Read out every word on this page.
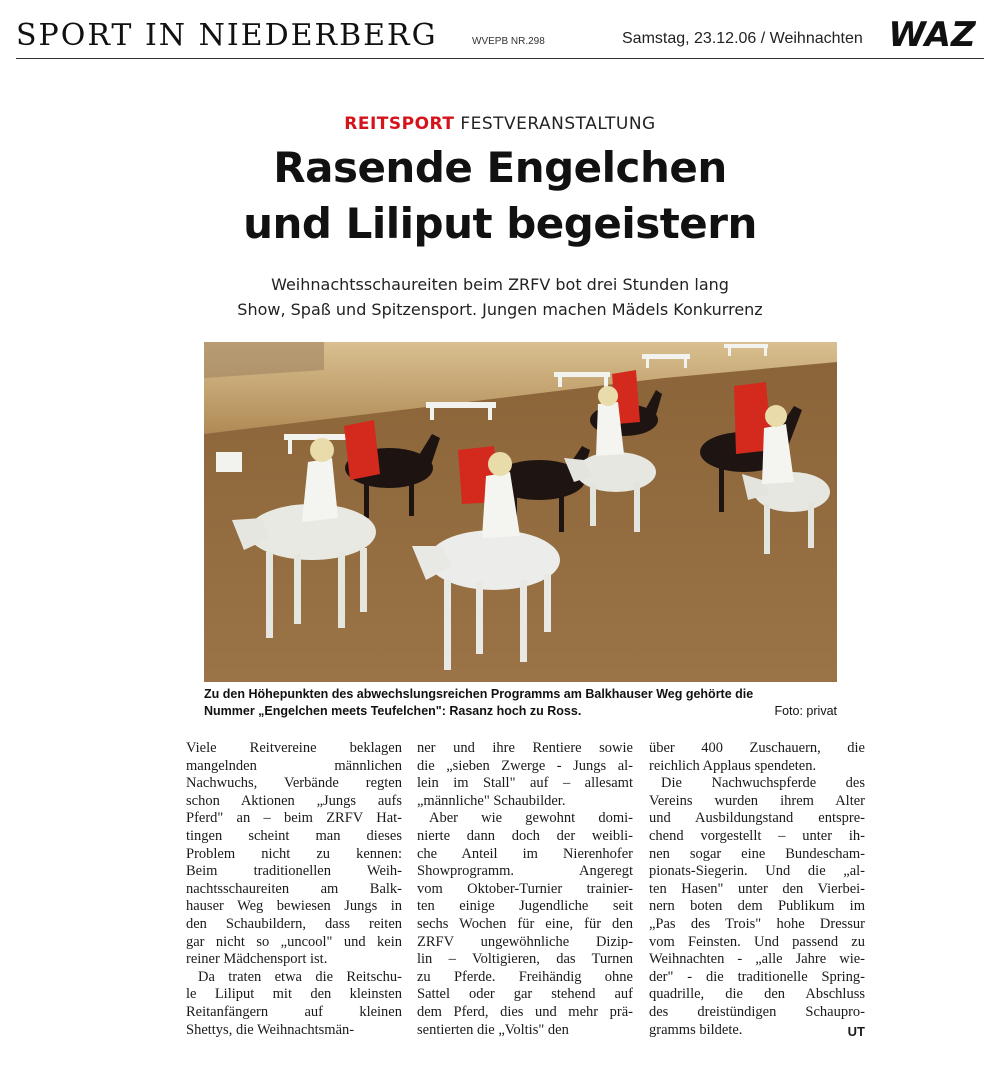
SPORT IN NIEDERBERG	WVEPB NR.298	Samstag, 23.12.06 / Weihnachten WAZ
REITSPORT FESTVERANSTALTUNG
Rasende Engelchen
und Liliput begeistern
Weihnachtsschaureiten beim ZRFV bot drei Stunden lang
Show, Spaß und Spitzensport. Jungen machen Mädels Konkurrenz
Zu den Höhepunkten des abwechslungsreichen Programms am Balkhauser Weg gehörte die
Nummer „Engelchen meets Teufelchen": Rasanz hoch zu Ross.	Foto: privat
Viele Reitvereine beklagen
mangelnden männlichen
Nachwuchs, Verbände regten
schon Aktionen „Jungs aufs
Pferd" an – beim ZRFV Hat-
tingen scheint man dieses
Problem nicht zu kennen:
Beim traditionellen Weih-
nachtsschaureiten am Balk-
hauser Weg bewiesen Jungs in
den Schaubildern, dass reiten
gar nicht so „uncool" und kein
reiner Mädchensport ist.
Da traten etwa die Reitschu-
le Liliput mit den kleinsten
Reitanfängern auf kleinen
Shettys, die Weihnachtsmän-
ner und ihre Rentiere sowie
die „sieben Zwerge - Jungs al-
lein im Stall" auf – allesamt
„männliche" Schaubilder.
Aber wie gewohnt domi-
nierte dann doch der weibli-
che Anteil im Nierenhofer
Showprogramm. Angeregt
vom Oktober-Turnier trainier-
ten einige Jugendliche seit
sechs Wochen für eine, für den
ZRFV ungewöhnliche Dizip-
lin – Voltigieren, das Turnen
zu Pferde. Freihändig ohne
Sattel oder gar stehend auf
dem Pferd, dies und mehr prä-
sentierten die „Voltis" den
über 400 Zuschauern, die
reichlich Applaus spendeten.
Die Nachwuchspferde des
Vereins wurden ihrem Alter
und Ausbildungstand entspre-
chend vorgestellt – unter ih-
nen sogar eine Bundescham-
pionats-Siegerin. Und die „al-
ten Hasen" unter den Vierbei-
nern boten dem Publikum im
„Pas des Trois" hohe Dressur
vom Feinsten. Und passend zu
Weihnachten - „alle Jahre wie-
der" - die traditionelle Spring-
quadrille, die den Abschluss
des dreistündigen Schaupro-
gramms bildete.	UT
